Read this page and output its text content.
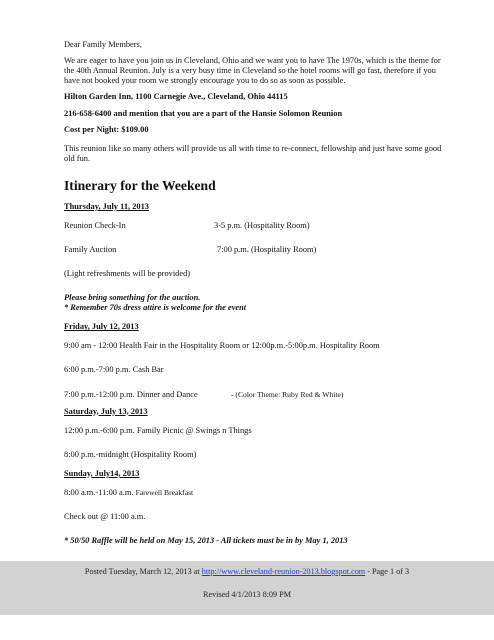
Dear Family Members,

We are eager to have you join us in Cleveland, Ohio and we want you to have The 1970s, which is the theme for the 40th Annual Reunion. July is a very busy time in Cleveland so the hotel rooms will go fast, therefore if you have not booked your room we strongly encourage you to do so as soon as possible.

Hilton Garden Inn, 1100 Carnegie Ave., Cleveland, Ohio 44115

216-658-6400 and mention that you are a part of the Hansie Solomon Reunion

Cost per Night: $109.00

This reunion like so many others will provide us all with time to re-connect, fellowship and just have some good old fun.

Itinerary for the Weekend

Thursday, July 11, 2013

Reunion Check-In	3-5 p.m. (Hospitality Room)
Family Auction	7:00 p.m. (Hospitality Room)

(Light refreshments will be provided)

Please bring something for the auction.

* Remember 70s dress attire is welcome for the event

Friday, July 12, 2013

9:00 am - 12:00 Health Fair in the Hospitality Room or 12:00p.m.-5:00p.m. Hospitality Room

6:00 p.m.-7:00 p.m. Cash Bar

7:00 p.m.-12:00 p.m. Dinner and Dance	- (Color Theme: Ruby Red & White)

Saturday, July 13, 2013

12:00 p.m.-6:00 p.m. Family Picnic @ Swings n Things

8:00 p.m.-midnight (Hospitality Room)

Sunday, July14, 2013

8:00 a.m.-11:00 a.m. Farewell Breakfast

Check out @ 11:00 a.m.

* 50/50 Raffle will be held on May 15, 2013 - All tickets must be in by May 1, 2013

Posted Tuesday, March 12, 2013 at http://www.cleveland-reunion-2013.blogspot.com - Page 1 of 3
Revised 4/1/2013 8:09 PM
